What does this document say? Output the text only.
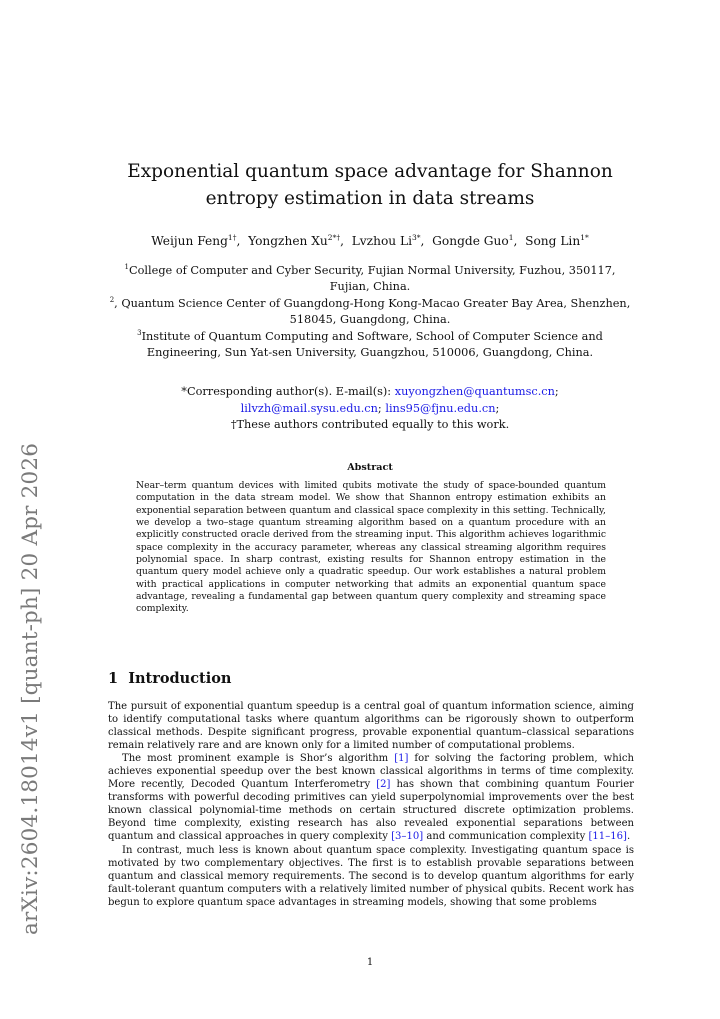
arXiv:2604.18014v1 [quant-ph] 20 Apr 2026
Exponential quantum space advantage for Shannon entropy estimation in data streams
Weijun Feng$^{1\dagger}$,  Yongzhen $Xu^{2*\dagger}$,  Lvzhou $Li^{3*}$,  Gongde Guo$^1$,  Song Lin$^{1*}$
$^1$College of Computer and Cyber Security, Fujian Normal University, Fuzhou, 350117, Fujian, China.
$^2$, Quantum Science Center of Guangdong-Hong Kong-Macao Greater Bay Area, Shenzhen, 518045, Guangdong, China.
$^3$Institute of Quantum Computing and Software, School of Computer Science and Engineering, Sun Yat-sen University, Guangzhou, 510006, Guangdong, China.
*Corresponding author(s). E-mail(s): xuyongzhen@quantumsc.cn;
lilvzh@mail.sysu.edu.cn; lins95@fjnu.edu.cn;
†These authors contributed equally to this work.
Abstract
Near–term quantum devices with limited qubits motivate the study of space-bounded quantum computation in the data stream model. We show that Shannon entropy estimation exhibits an exponential separation between quantum and classical space complexity in this setting. Technically, we develop a two–stage quantum streaming algorithm based on a quantum procedure with an explicitly constructed oracle derived from the streaming input. This algorithm achieves logarithmic space complexity in the accuracy parameter, whereas any classical streaming algorithm requires polynomial space. In sharp contrast, existing results for Shannon entropy estimation in the quantum query model achieve only a quadratic speedup. Our work establishes a natural problem with practical applications in computer networking that admits an exponential quantum space advantage, revealing a fundamental gap between quantum query complexity and streaming space complexity.
1 Introduction

The pursuit of exponential quantum speedup is a central goal of quantum information science, aiming to identify computational tasks where quantum algorithms can be rigorously shown to outperform classical methods. Despite significant progress, provable exponential quantum–classical separations remain relatively rare and are known only for a limited number of computational problems.

The most prominent example is Shor’s algorithm [1] for solving the factoring problem, which achieves exponential speedup over the best known classical algorithms in terms of time complexity. More recently, Decoded Quantum Interferometry [2] has shown that combining quantum Fourier transforms with powerful decoding primitives can yield superpolynomial improvements over the best known classical polynomial-time methods on certain structured discrete optimization problems. Beyond time complexity, existing research has also revealed exponential separations between quantum and classical approaches in query complexity [3–10] and communication complexity [11–16].

In contrast, much less is known about quantum space complexity. Investigating quantum space is motivated by two complementary objectives. The first is to establish provable separations between quantum and classical memory requirements. The second is to develop quantum algorithms for early fault-tolerant quantum computers with a relatively limited number of physical qubits. Recent work has begun to explore quantum space advantages in streaming models, showing that some problems

1
